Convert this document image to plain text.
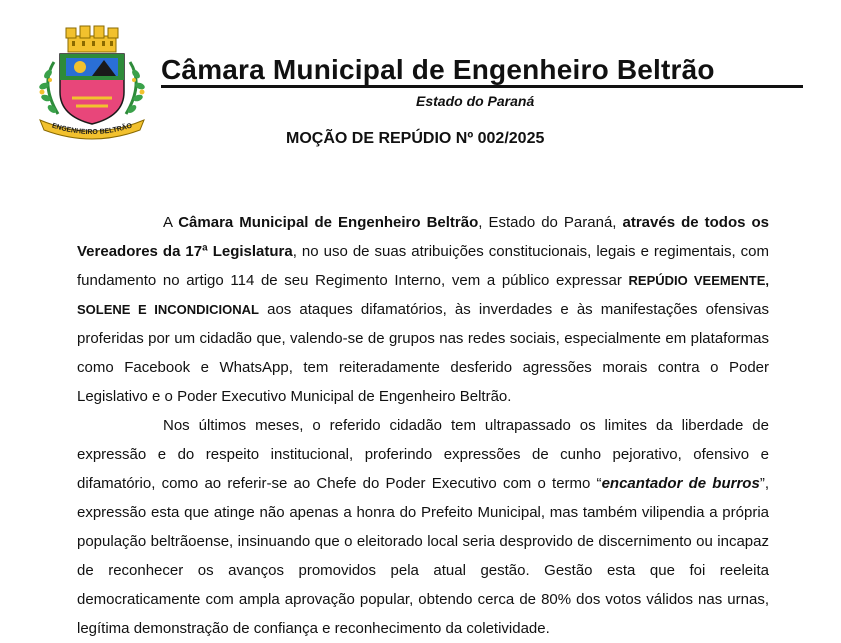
ENGENHEIRO BELTRÃO
Câmara Municipal de Engenheiro Beltrão
Estado do Paraná
MOÇÃO DE REPÚDIO Nº 002/2025

A Câmara Municipal de Engenheiro Beltrão, Estado do Paraná, através de todos os Vereadores da 17ª Legislatura, no uso de suas atribuições constitucionais, legais e regimentais, com fundamento no artigo 114 de seu Regimento Interno, vem a público expressar REPÚDIO VEEMENTE, SOLENE E INCONDICIONAL aos ataques difamatórios, às inverdades e às manifestações ofensivas proferidas por um cidadão que, valendo-se de grupos nas redes sociais, especialmente em plataformas como Facebook e WhatsApp, tem reiteradamente desferido agressões morais contra o Poder Legislativo e o Poder Executivo Municipal de Engenheiro Beltrão.

Nos últimos meses, o referido cidadão tem ultrapassado os limites da liberdade de expressão e do respeito institucional, proferindo expressões de cunho pejorativo, ofensivo e difamatório, como ao referir-se ao Chefe do Poder Executivo com o termo “encantador de burros”, expressão esta que atinge não apenas a honra do Prefeito Municipal, mas também vilipendia a própria população beltrãoense, insinuando que o eleitorado local seria desprovido de discernimento ou incapaz de reconhecer os avanços promovidos pela atual gestão. Gestão esta que foi reeleita democraticamente com ampla aprovação popular, obtendo cerca de 80% dos votos válidos nas urnas, legítima demonstração de confiança e reconhecimento da coletividade.
